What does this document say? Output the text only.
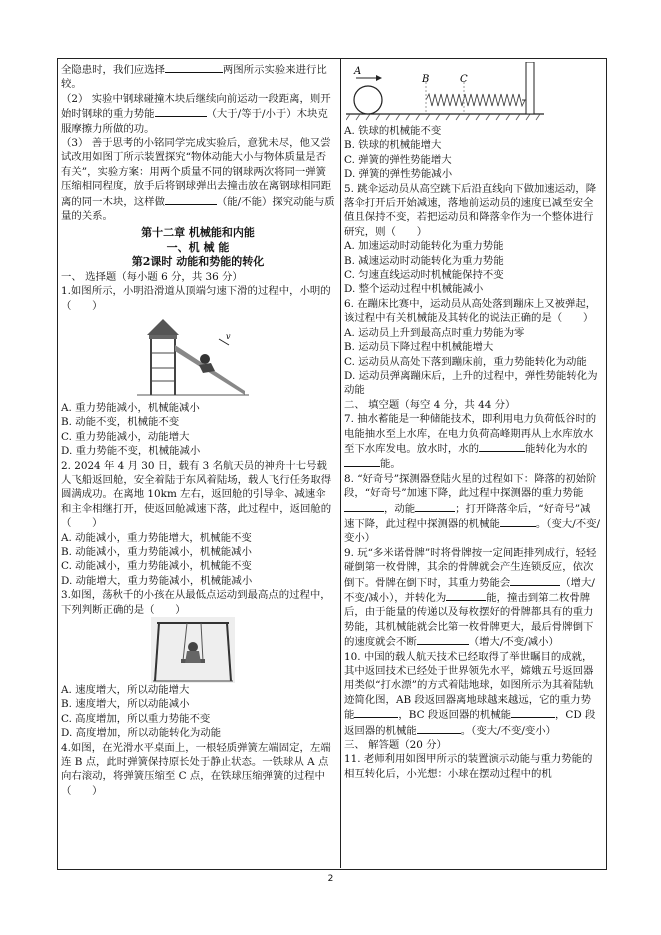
全隐患时，我们应选择	两图所示实验来进行比较。

（2） 实验中钢球碰撞木块后继续向前运动一段距离，则开始时钢球的重力势能	（大于/等于/小于）木块克服摩擦力所做的功。

（3） 善于思考的小铭同学完成实验后，意犹未尽，他又尝试改用如图丁所示装置探究“物体动能大小与物体质量是否有关”，实验方案：用两个质量不同的钢球两次将同一弹簧压缩相同程度，放手后将钢球弹出去撞击放在离钢球相同距离的同一木块，这样做	（能/不能）探究动能与质量的关系。

第十二章 机械能和内能

一、机 械 能

第2课时 动能和势能的转化

一、 选择题（每小题 6 分，共 36 分）

1.如图所示，小明沿滑道从顶端匀速下滑的过程中，小明的（　　）

v

A. 重力势能减小，机械能减小

B. 动能不变，机械能不变

C. 重力势能减小，动能增大

D. 重力势能不变，机械能减小

2. 2024 年 4 月 30 日，载有 3 名航天员的神舟十七号载人飞船返回舱，安全着陆于东风着陆场，载人飞行任务取得圆满成功。在离地 10km 左右，返回舱的引导伞、减速伞和主伞相继打开，使返回舱减速下落，此过程中，返回舱的（　　）

A. 动能减小，重力势能增大，机械能不变

B. 动能减小，重力势能减小，机械能减小

C. 动能减小，重力势能减小，机械能不变

D. 动能增大，重力势能减小，机械能减小

3.如图，荡秋千的小孩在从最低点运动到最高点的过程中，下列判断正确的是（　　）

A. 速度增大，所以动能增大

B. 速度增大，所以动能减小

C. 高度增加，所以重力势能不变

D. 高度增加，所以动能转化为动能

4.如图，在光滑水平桌面上，一根轻质弹簧左端固定，左端连 B 点，此时弹簧保持原长处于静止状态。一铁球从 A 点向右滚动，将弹簧压缩至 C 点，在铁球压缩弹簧的过程中（　　）

A
B	C

A. 铁球的机械能不变

B. 铁球的机械能增大

C. 弹簧的弹性势能增大

D. 弹簧的弹性势能减小

5. 跳伞运动员从高空跳下后沿直线向下做加速运动，降落伞打开后开始减速，落地前运动员的速度已减至安全值且保持不变，若把运动员和降落伞作为一个整体进行研究，则（　　）

A. 加速运动时动能转化为重力势能

B. 减速运动时动能转化为重力势能

C. 匀速直线运动时机械能保持不变

D. 整个运动过程中机械能减小

6. 在蹦床比赛中，运动员从高处落到蹦床上又被弹起，该过程中有关机械能及其转化的说法正确的是（　　）

A. 运动员上升到最高点时重力势能为零

B. 运动员下降过程中机械能增大

C. 运动员从高处下落到蹦床前，重力势能转化为动能

D. 运动员弹离蹦床后，上升的过程中，弹性势能转化为动能

二、 填空题（每空 4 分，共 44 分）

7. 抽水蓄能是一种储能技术，即利用电力负荷低谷时的电能抽水至上水库，在电力负荷高峰期再从上水库放水至下水库发电。放水时，水的	能转化为水的能。

8. “好奇号”探测器登陆火星的过程如下：降落的初始阶段，“好奇号”加速下降，此过程中探测器的重力势能，动能	；打开降落伞后，“好奇号”减速下降，此过程中探测器的机械能	。（变大/不变/变小）

9. 玩“多米诺骨牌”时将骨牌按一定间距排列成行，轻轻碰倒第一枚骨牌，其余的骨牌就会产生连锁反应，依次倒下。骨牌在倒下时，其重力势能会	（增大/不变/减小），并转化为	能，撞击到第二枚骨牌后，由于能量的传递以及每枚摆好的骨牌都具有的重力势能，其机械能就会比第一枚骨牌更大，最后骨牌倒下的速度就会不断	（增大/不变/减小）

10. 中国的载人航天技术已经取得了举世瞩目的成就，其中返回技术已经处于世界领先水平，嫦娥五号返回器用类似“打水漂”的方式着陆地球，如图所示为其着陆轨迹简化图，AB 段返回器离地球越来越远，它的重力势能	，BC 段返回器的机械能	，CD 段返回器的机械能	。（变大/不变/变小）

三、 解答题（20 分）

11. 老师利用如图甲所示的装置演示动能与重力势能的相互转化后，小光想：小球在摆动过程中的机

2
